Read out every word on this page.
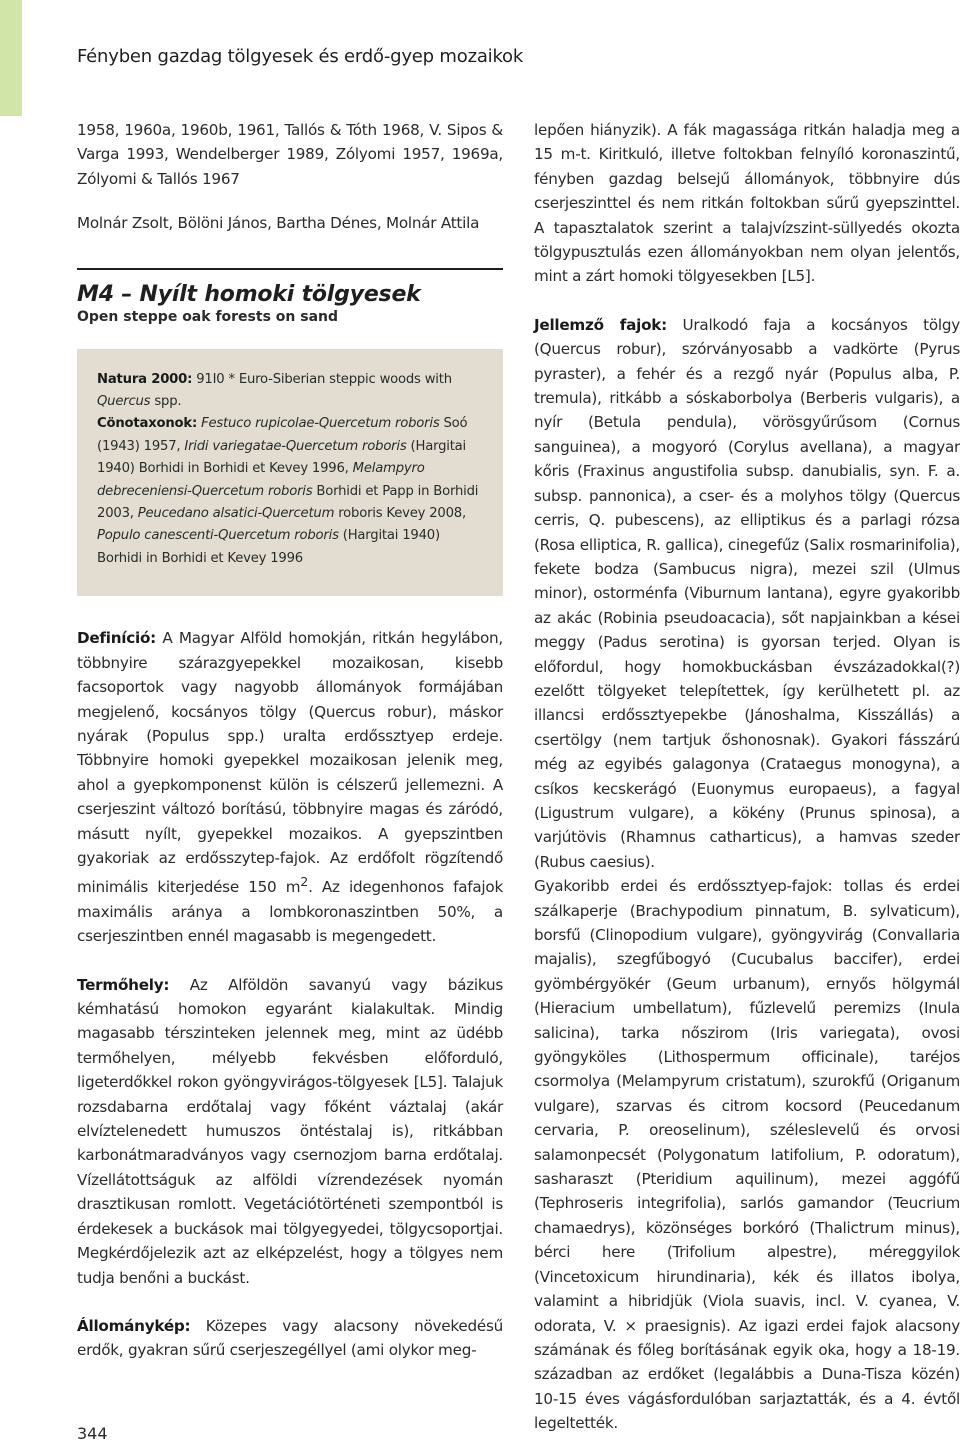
Fényben gazdag tölgyesek és erdő-gyep mozaikok

1958, 1960a, 1960b, 1961, Tallós & Tóth 1968, V. Sipos & Varga 1993, Wendelberger 1989, Zólyomi 1957, 1969a, Zólyomi & Tallós 1967

Molnár Zsolt, Bölöni János, Bartha Dénes, Molnár Attila
M4 – Nyílt homoki tölgyesek
Open steppe oak forests on sand
Natura 2000: 91I0 * Euro-Siberian steppic woods with Quercus spp.
Cönotaxonok: Festuco rupicolae-Quercetum roboris Soó (1943) 1957, Iridi variegatae-Quercetum roboris (Hargitai 1940) Borhidi in Borhidi et Kevey 1996, Melampyro debreceniensi-Quercetum roboris Borhidi et Papp in Borhidi 2003, Peucedano alsatici-Quercetum roboris Kevey 2008, Populo canescenti-Quercetum roboris (Hargitai 1940) Borhidi in Borhidi et Kevey 1996

Definíció: A Magyar Alföld homokján, ritkán hegylábon, többnyire szárazgyepekkel mozaikosan, kisebb facsoportok vagy nagyobb állományok formájában megjelenő, kocsányos tölgy (Quercus robur), máskor nyárak (Populus spp.) uralta erdőssztyep erdeje. Többnyire homoki gyepekkel mozaikosan jelenik meg, ahol a gyepkomponenst külön is célszerű jellemezni. A cserjeszint változó borítású, többnyire magas és záródó, másutt nyílt, gyepekkel mozaikos. A gyepszintben gyakoriak az erdősszytep-fajok. Az erdőfolt rögzítendő minimális kiterjedése 150 $m^2$. Az idegenhonos fafajok maximális aránya a lombkoronaszintben 50%, a cserjeszintben ennél magasabb is megengedett.

Termőhely: Az Alföldön savanyú vagy bázikus kémhatású homokon egyaránt kialakultak. Mindig magasabb térszinteken jelennek meg, mint az üdébb termőhelyen, mélyebb fekvésben előforduló, ligeterdőkkel rokon gyöngyvirágos-tölgyesek [L5]. Talajuk rozsdabarna erdőtalaj vagy főként váztalaj (akár elvíztelenedett humuszos öntéstalaj is), ritkábban karbonátmaradványos vagy csernozjom barna erdőtalaj. Vízellátottságuk az alföldi vízrendezések nyomán drasztikusan romlott. Vegetációtörténeti szempontból is érdekesek a buckások mai tölgyegyedei, tölgycsoportjai. Megkérdőjelezik azt az elképzelést, hogy a tölgyes nem tudja benőni a buckást.

Állománykép: Közepes vagy alacsony növekedésű erdők, gyakran sűrű cserjeszegéllyel (ami olykor meg-

lepően hiányzik). A fák magassága ritkán haladja meg a 15 m-t. Kiritkuló, illetve foltokban felnyíló koronaszintű, fényben gazdag belsejű állományok, többnyire dús cserjeszinttel és nem ritkán foltokban sűrű gyepszinttel. A tapasztalatok szerint a talajvízszint-süllyedés okozta tölgypusztulás ezen állományokban nem olyan jelentős, mint a zárt homoki tölgyesekben [L5].

Jellemző fajok: Uralkodó faja a kocsányos tölgy (Quercus robur), szórványosabb a vadkörte (Pyrus pyraster), a fehér és a rezgő nyár (Populus alba, P. tremula), ritkább a sóskaborbolya (Berberis vulgaris), a nyír (Betula pendula), vörösgyűrűsom (Cornus sanguinea), a mogyoró (Corylus avellana), a magyar kőris (Fraxinus angustifolia subsp. danubialis, syn. F. a. subsp. pannonica), a cser- és a molyhos tölgy (Quercus cerris, Q. pubescens), az elliptikus és a parlagi rózsa (Rosa elliptica, R. gallica), cinegefűz (Salix rosmarinifolia), fekete bodza (Sambucus nigra), mezei szil (Ulmus minor), ostorménfa (Viburnum lantana), egyre gyakoribb az akác (Robinia pseudoacacia), sőt napjainkban a kései meggy (Padus serotina) is gyorsan terjed. Olyan is előfordul, hogy homokbuckásban évszázadokkal(?) ezelőtt tölgyeket telepítettek, így kerülhetett pl. az illancsi erdőssztyepekbe (Jánoshalma, Kisszállás) a csertölgy (nem tartjuk őshonosnak). Gyakori fásszárú még az egyibés galagonya (Crataegus monogyna), a csíkos kecskerágó (Euonymus europaeus), a fagyal (Ligustrum vulgare), a kökény (Prunus spinosa), a varjútövis (Rhamnus catharticus), a hamvas szeder (Rubus caesius).

Gyakoribb erdei és erdőssztyep-fajok: tollas és erdei szálkaperje (Brachypodium pinnatum, B. sylvaticum), borsfű (Clinopodium vulgare), gyöngyvirág (Convallaria majalis), szegfűbogyó (Cucubalus baccifer), erdei gyömbérgyökér (Geum urbanum), ernyős hölgymál (Hieracium umbellatum), fűzlevelű peremizs (Inula salicina), tarka nőszirom (Iris variegata), ovosi gyöngyköles (Lithospermum officinale), taréjos csormolya (Melampyrum cristatum), szurokfű (Origanum vulgare), szarvas és citrom kocsord (Peucedanum cervaria, P. oreoselinum), széleslevelű és orvosi salamonpecsét (Polygonatum latifolium, P. odoratum), sasharaszt (Pteridium aquilinum), mezei aggófű (Tephroseris integrifolia), sarlós gamandor (Teucrium chamaedrys), közönséges borkóró (Thalictrum minus), bérci here (Trifolium alpestre), méreggyilok (Vincetoxicum hirundinaria), kék és illatos ibolya, valamint a hibridjük (Viola suavis, incl. V. cyanea, V. odorata, V. × praesignis). Az igazi erdei fajok alacsony számának és főleg borításának egyik oka, hogy a 18-19. században az erdőket (legalábbis a Duna-Tisza közén) 10-15 éves vágásfordulóban sarjaztatták, és a 4. évtől legeltették.

344
